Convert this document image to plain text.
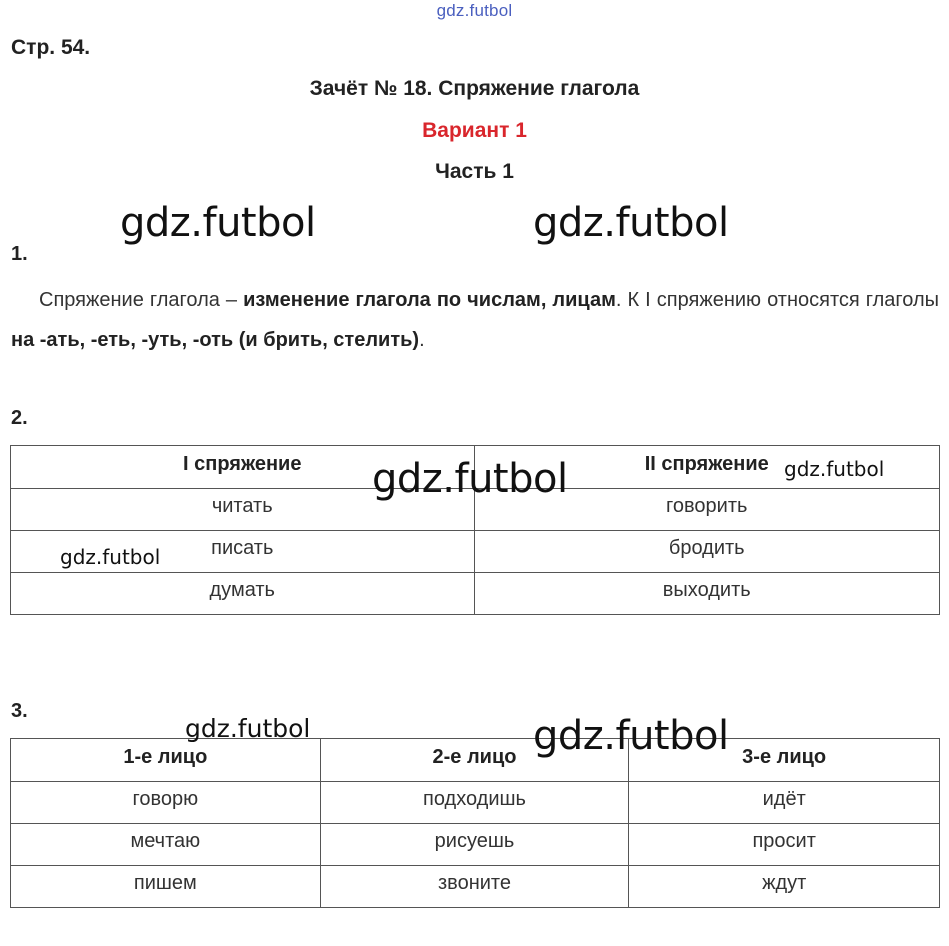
gdz.futbol
Стр. 54.
Зачёт № 18. Спряжение глагола
Вариант 1
Часть 1
gdz.futbol	gdz.futbol
1.
Спряжение глагола – изменение глагола по числам, лицам. К I спряжению относятся глаголы на -ать, -еть, -уть, -оть (и брить, стелить).
2.
I спряжение	II спряжение
читать	говорить
писать	бродить
думать	выходить
gdz.futbol	gdz.futbol
gdz.futbol
3.
1-е лицо	2-е лицо	3-е лицо
говорю	подходишь	идёт
мечтаю	рисуешь	просит
пишем	звоните	ждут
gdz.futbol	gdz.futbol
